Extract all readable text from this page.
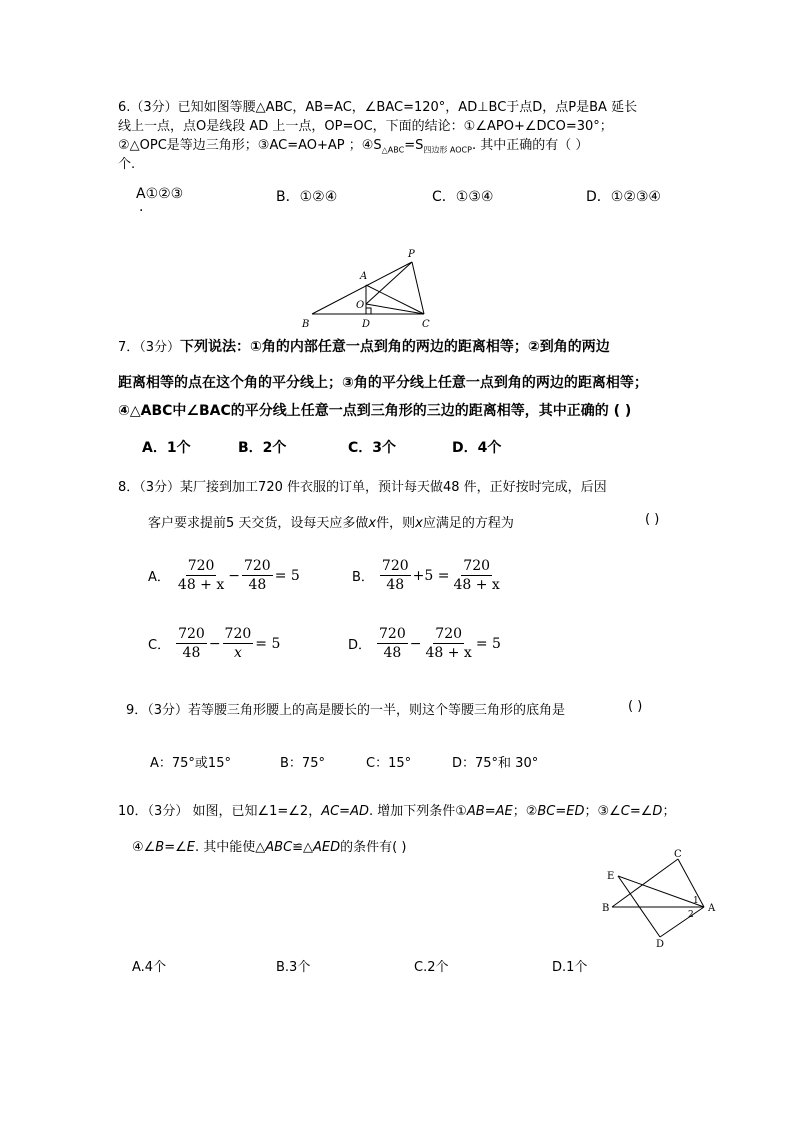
6.（3分）已知如图等腰△ABC，AB=AC，∠BAC=120°，AD⊥BC于点D，点P是BA 延长
线上一点，点O是线段 AD 上一点，OP=OC，下面的结论：①∠APO+∠DCO=30°；
②△OPC是等边三角形；③AC=AO+AP ；$④S_{\triangle ABC}=S_{四边形 AOCP}$. 其中正确的有（ ）
个.
A①②③
.
B．①②④	C．①③④	D．①②③④
A
B	C
D
O
P
7．（3分）下列说法：①角的内部任意一点到角的两边的距离相等；②到角的两边
距离相等的点在这个角的平分线上；③角的平分线上任意一点到角的两边的距离相等；
④△ABC中∠BAC的平分线上任意一点到三角形的三边的距离相等，其中正确的 ( )
A．1个	B．2个	C．3个	D．4个
8．（3分）某厂接到加工720 件衣服的订单，预计每天做48 件，正好按时完成，后因
客户要求提前5 天交货，设每天应多做x件，则x应满足的方程为	( )
A． $\frac{720}{48 + x} - \frac{720}{48} = 5$	B． $\frac{720}{48} +5 = \frac{720}{48 + x}$
C． $\frac{720}{48} - \frac{720}{x} = 5$	D． $\frac{720}{48} - \frac{720}{48 + x} = 5$
9．（3分）若等腰三角形腰上的高是腰长的一半，则这个等腰三角形的底角是	( )
A：75°或15°	B：75°	C：15°	D：75°和 30°
10．（3分） 如图，已知∠1=∠2，AC=AD. 增加下列条件①AB=AE；②BC=ED；③∠C=∠D；
④∠B=∠E. 其中能使△ABC≌△AED的条件有( )	C
E
B	A
D
1
2
A.4个	B.3个	C.2个	D.1个
